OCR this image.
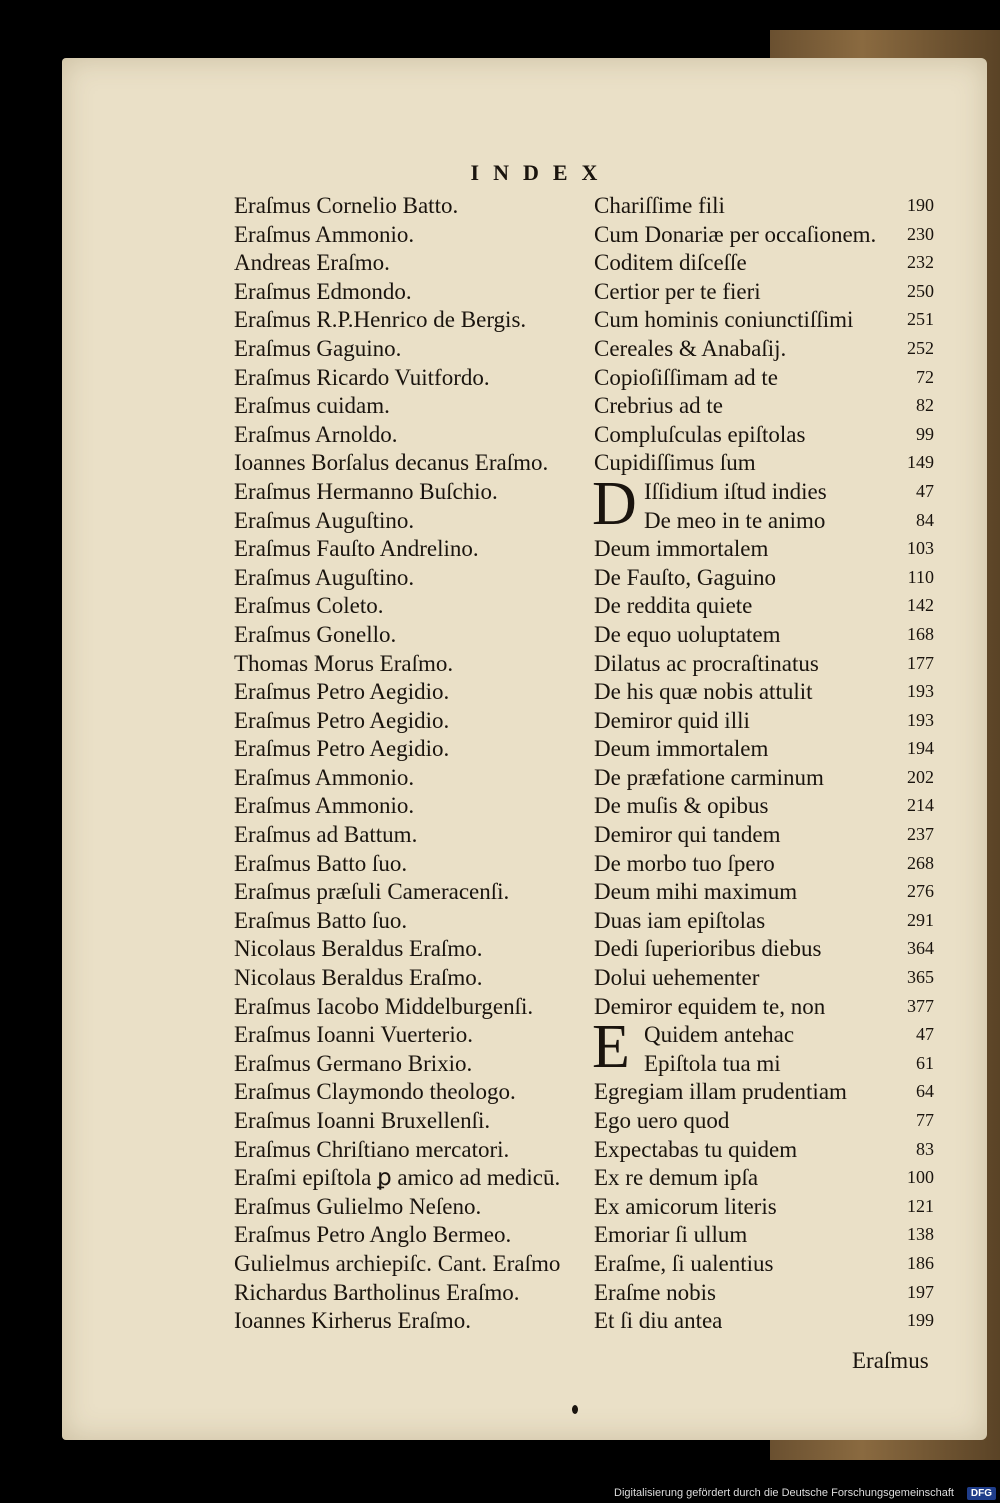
INDEX
Eraſmus Cornelio Batto.	Chariſſime fili	190
Eraſmus Ammonio.	Cum Donariæ per occaſionem.	230
Andreas Eraſmo.	Coditem diſceſſe	232
Eraſmus Edmondo.	Certior per te fieri	250
Eraſmus R.P.Henrico de Bergis.	Cum hominis coniunctiſſimi	251
Eraſmus Gaguino.	Cereales & Anabaſij.	252
Eraſmus Ricardo Vuitfordo.	Copioſiſſimam ad te	72
Eraſmus cuidam.	Crebrius ad te	82
Eraſmus Arnoldo.	Compluſculas epiſtolas	99
Ioannes Borſalus decanus Eraſmo.	Cupidiſſimus ſum	149
Eraſmus Hermanno Buſchio.	D Iſſidium iſtud indies	47
Eraſmus Auguſtino.	De meo in te animo	84
Eraſmus Fauſto Andrelino.	Deum immortalem	103
Eraſmus Auguſtino.	De Fauſto, Gaguino	110
Eraſmus Coleto.	De reddita quiete	142
Eraſmus Gonello.	De equo uoluptatem	168
Thomas Morus Eraſmo.	Dilatus ac procraſtinatus	177
Eraſmus Petro Aegidio.	De his quæ nobis attulit	193
Eraſmus Petro Aegidio.	Demiror quid illi	193
Eraſmus Petro Aegidio.	Deum immortalem	194
Eraſmus Ammonio.	De præfatione carminum	202
Eraſmus Ammonio.	De muſis & opibus	214
Eraſmus ad Battum.	Demiror qui tandem	237
Eraſmus Batto ſuo.	De morbo tuo ſpero	268
Eraſmus præſuli Cameracenſi.	Deum mihi maximum	276
Eraſmus Batto ſuo.	Duas iam epiſtolas	291
Nicolaus Beraldus Eraſmo.	Dedi ſuperioribus diebus	364
Nicolaus Beraldus Eraſmo.	Dolui uehementer	365
Eraſmus Iacobo Middelburgenſi.	Demiror equidem te, non	377
Eraſmus Ioanni Vuerterio.	E Quidem antehac	47
Eraſmus Germano Brixio.	Epiſtola tua mi	61
Eraſmus Claymondo theologo.	Egregiam illam prudentiam	64
Eraſmus Ioanni Bruxellenſi.	Ego uero quod	77
Eraſmus Chriſtiano mercatori.	Expectabas tu quidem	83
Eraſmi epiſtola ꝑ amico ad medicū.	Ex re demum ipſa	100
Eraſmus Gulielmo Neſeno.	Ex amicorum literis	121
Eraſmus Petro Anglo Bermeo.	Emoriar ſi ullum	138
Gulielmus archiepiſc. Cant. Eraſmo	Eraſme, ſi ualentius	186
Richardus Bartholinus Eraſmo.	Eraſme nobis	197
Ioannes Kirherus Eraſmo.	Et ſi diu antea	199
Eraſmus
Digitalisierung gefördert durch die Deutsche Forschungsgemeinschaft	DFG
